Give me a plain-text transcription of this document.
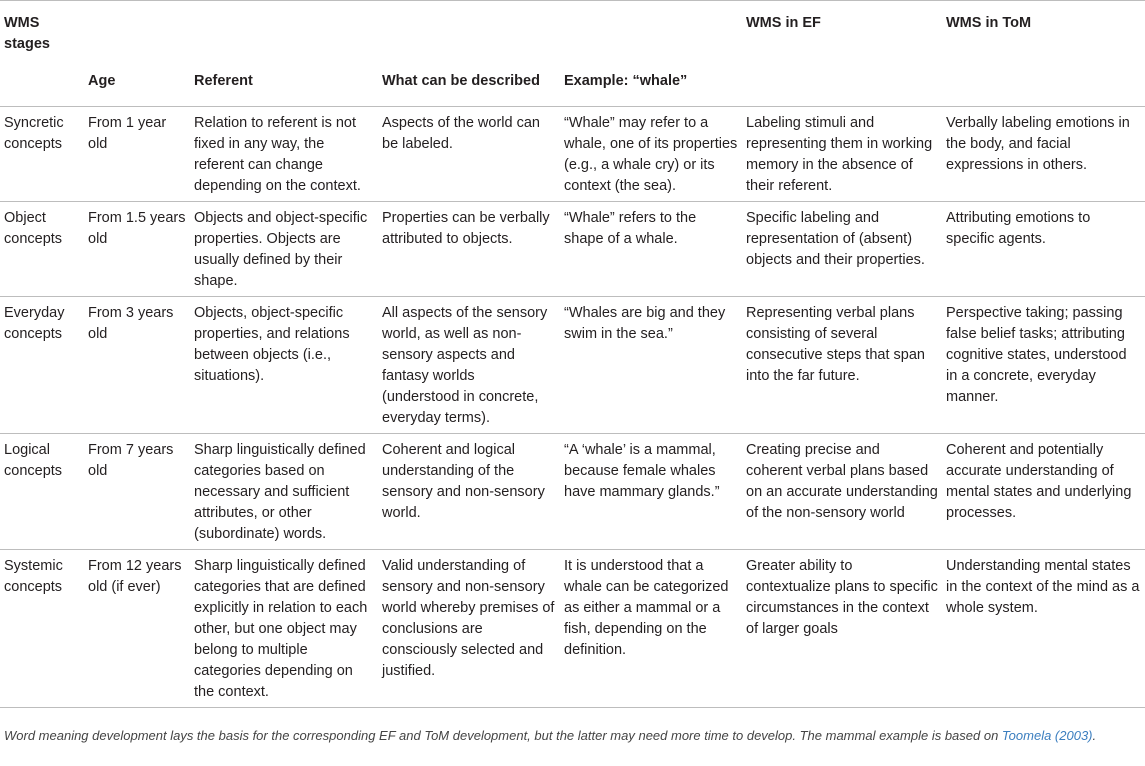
WMS stages					WMS in EF	WMS in ToM
	Age	Referent	What can be described	Example: “whale”		
Syncretic concepts	From 1 year old	Relation to referent is not fixed in any way, the referent can change depending on the context.	Aspects of the world can be labeled.	“Whale” may refer to a whale, one of its properties (e.g., a whale cry) or its context (the sea).	Labeling stimuli and representing them in working memory in the absence of their referent.	Verbally labeling emotions in the body, and facial expressions in others.
Object concepts	From 1.5 years old	Objects and object-specific properties. Objects are usually defined by their shape.	Properties can be verbally attributed to objects.	“Whale” refers to the shape of a whale.	Specific labeling and representation of (absent) objects and their properties.	Attributing emotions to specific agents.
Everyday concepts	From 3 years old	Objects, object-specific properties, and relations between objects (i.e., situations).	All aspects of the sensory world, as well as non-sensory aspects and fantasy worlds (understood in concrete, everyday terms).	“Whales are big and they swim in the sea.”	Representing verbal plans consisting of several consecutive steps that span into the far future.	Perspective taking; passing false belief tasks; attributing cognitive states, understood in a concrete, everyday manner.
Logical concepts	From 7 years old	Sharp linguistically defined categories based on necessary and sufficient attributes, or other (subordinate) words.	Coherent and logical understanding of the sensory and non-sensory world.	“A ‘whale’ is a mammal, because female whales have mammary glands.”	Creating precise and coherent verbal plans based on an accurate understanding of the non-sensory world	Coherent and potentially accurate understanding of mental states and underlying processes.
Systemic concepts	From 12 years old (if ever)	Sharp linguistically defined categories that are defined explicitly in relation to each other, but one object may belong to multiple categories depending on the context.	Valid understanding of sensory and non-sensory world whereby premises of conclusions are consciously selected and justified.	It is understood that a whale can be categorized as either a mammal or a fish, depending on the definition.	Greater ability to contextualize plans to specific circumstances in the context of larger goals	Understanding mental states in the context of the mind as a whole system.
Word meaning development lays the basis for the corresponding EF and ToM development, but the latter may need more time to develop. The mammal example is based on Toomela (2003).
